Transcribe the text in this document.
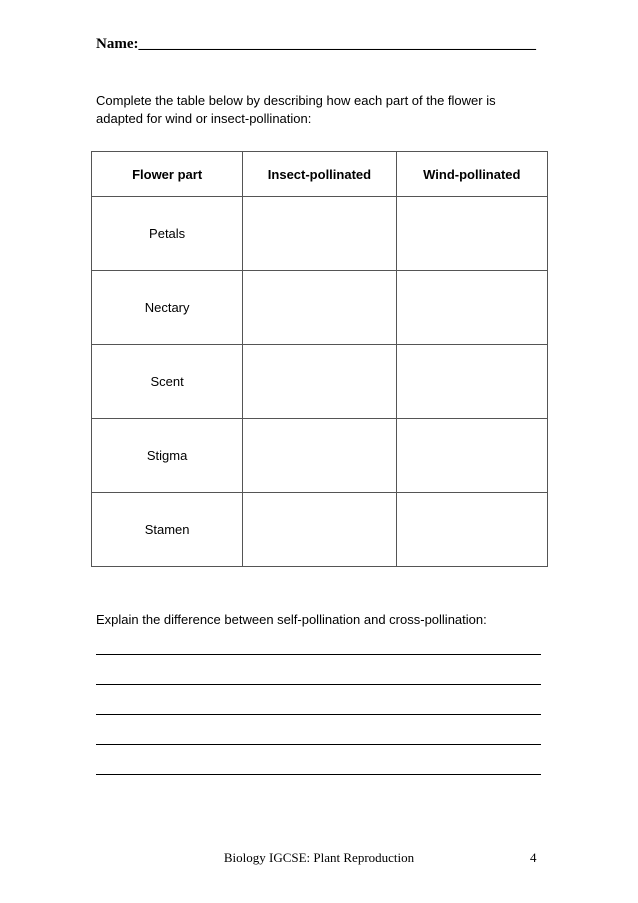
Name:_____________________________________________________
Complete the table below by describing how each part of the flower is adapted for wind or insect-pollination:
Flower part	Insect-pollinated	Wind-pollinated
Petals		
Nectary		
Scent		
Stigma		
Stamen		
Explain the difference between self-pollination and cross-pollination:
Biology IGCSE: Plant Reproduction	4
